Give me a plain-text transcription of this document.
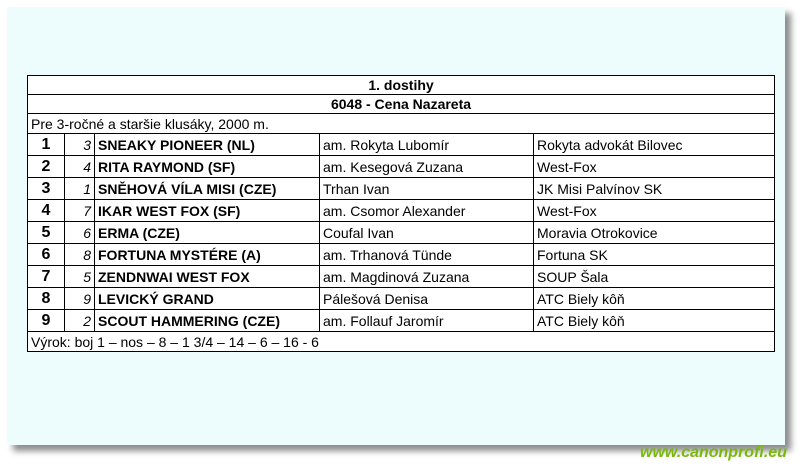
1. dostihy				
6048 - Cena Nazareta				
Pre 3-ročné a staršie klusáky, 2000 m.				
1	3	SNEAKY PIONEER (NL)	am. Rokyta Lubomír	Rokyta advokát Bilovec
2	4	RITA RAYMOND (SF)	am. Kesegová Zuzana	West-Fox
3	1	SNĚHOVÁ VÍLA MISI (CZE)	Trhan Ivan	JK Misi Palvínov SK
4	7	IKAR WEST FOX (SF)	am. Csomor Alexander	West-Fox
5	6	ERMA (CZE)	Coufal Ivan	Moravia Otrokovice
6	8	FORTUNA MYSTÉRE (A)	am. Trhanová Tünde	Fortuna SK
7	5	ZENDNWAI WEST FOX	am. Magdinová Zuzana	SOUP Šala
8	9	LEVICKÝ GRAND	Pálešová Denisa	ATC Biely kôň
9	2	SCOUT HAMMERING (CZE)	am. Follauf Jaromír	ATC Biely kôň
Výrok: boj 1 – nos – 8 – 1 3/4 – 14 – 6 – 16 - 6				
www.canonprofi.eu
